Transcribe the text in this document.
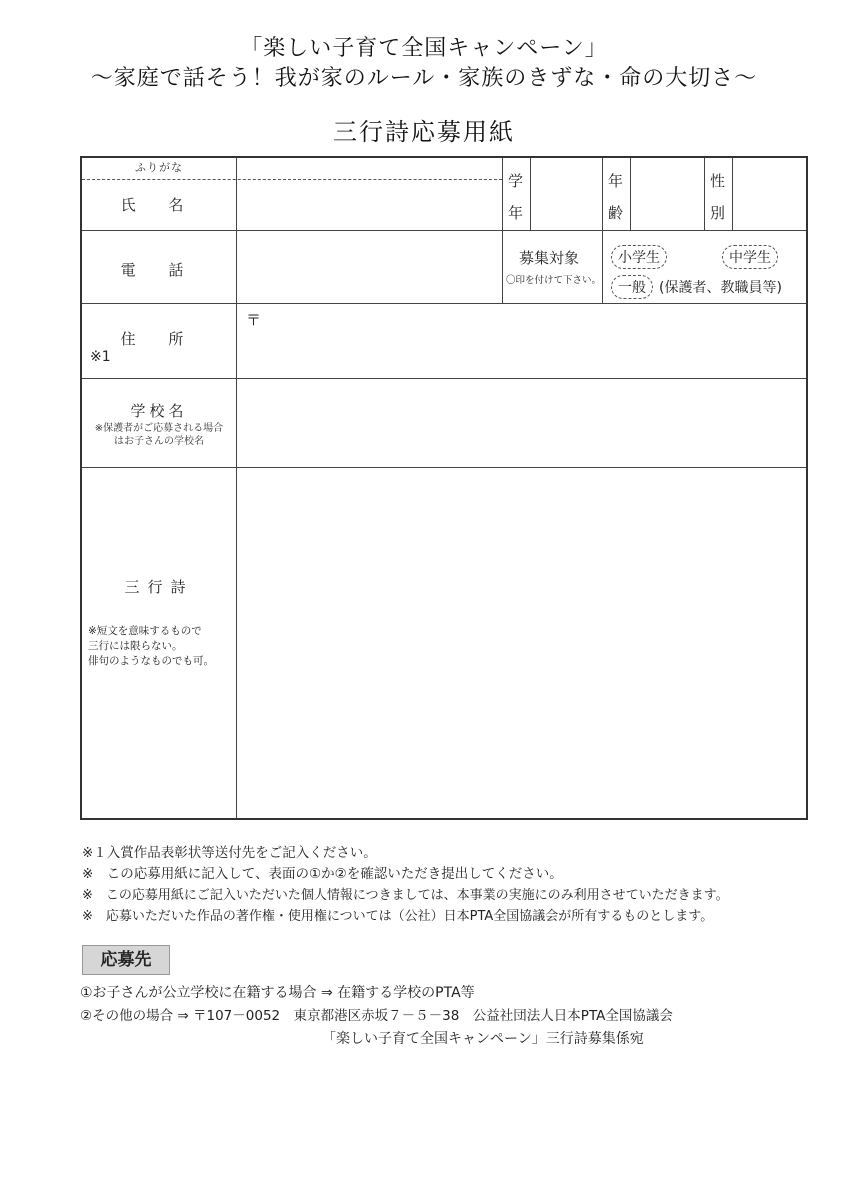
「楽しい子育て全国キャンペーン」
～家庭で話そう！我が家のルール・家族のきずな・命の大切さ～
三行詩応募用紙
ふりがな
氏 名
学
年
年
齢
性
別
電 話
募集対象
〇印を付けて下さい。
小学生	中学生
一般 (保護者、教職員等)
住 所
※1
〒
学校名
※保護者がご応募される場合
はお子さんの学校名
三行詩
※短文を意味するもので
三行には限らない。
俳句のようなものでも可。
※１入賞作品表彰状等送付先をご記入ください。
※　この応募用紙に記入して、表面の①か②を確認いただき提出してください。
※　この応募用紙にご記入いただいた個人情報につきましては、本事業の実施にのみ利用させていただきます。
※　応募いただいた作品の著作権・使用権については（公社）日本PTA全国協議会が所有するものとします。
応募先
①お子さんが公立学校に在籍する場合 ⇒ 在籍する学校のPTA等
②その他の場合 ⇒ 〒107－0052　東京都港区赤坂７－５－38　公益社団法人日本PTA全国協議会
「楽しい子育て全国キャンペーン」三行詩募集係宛
